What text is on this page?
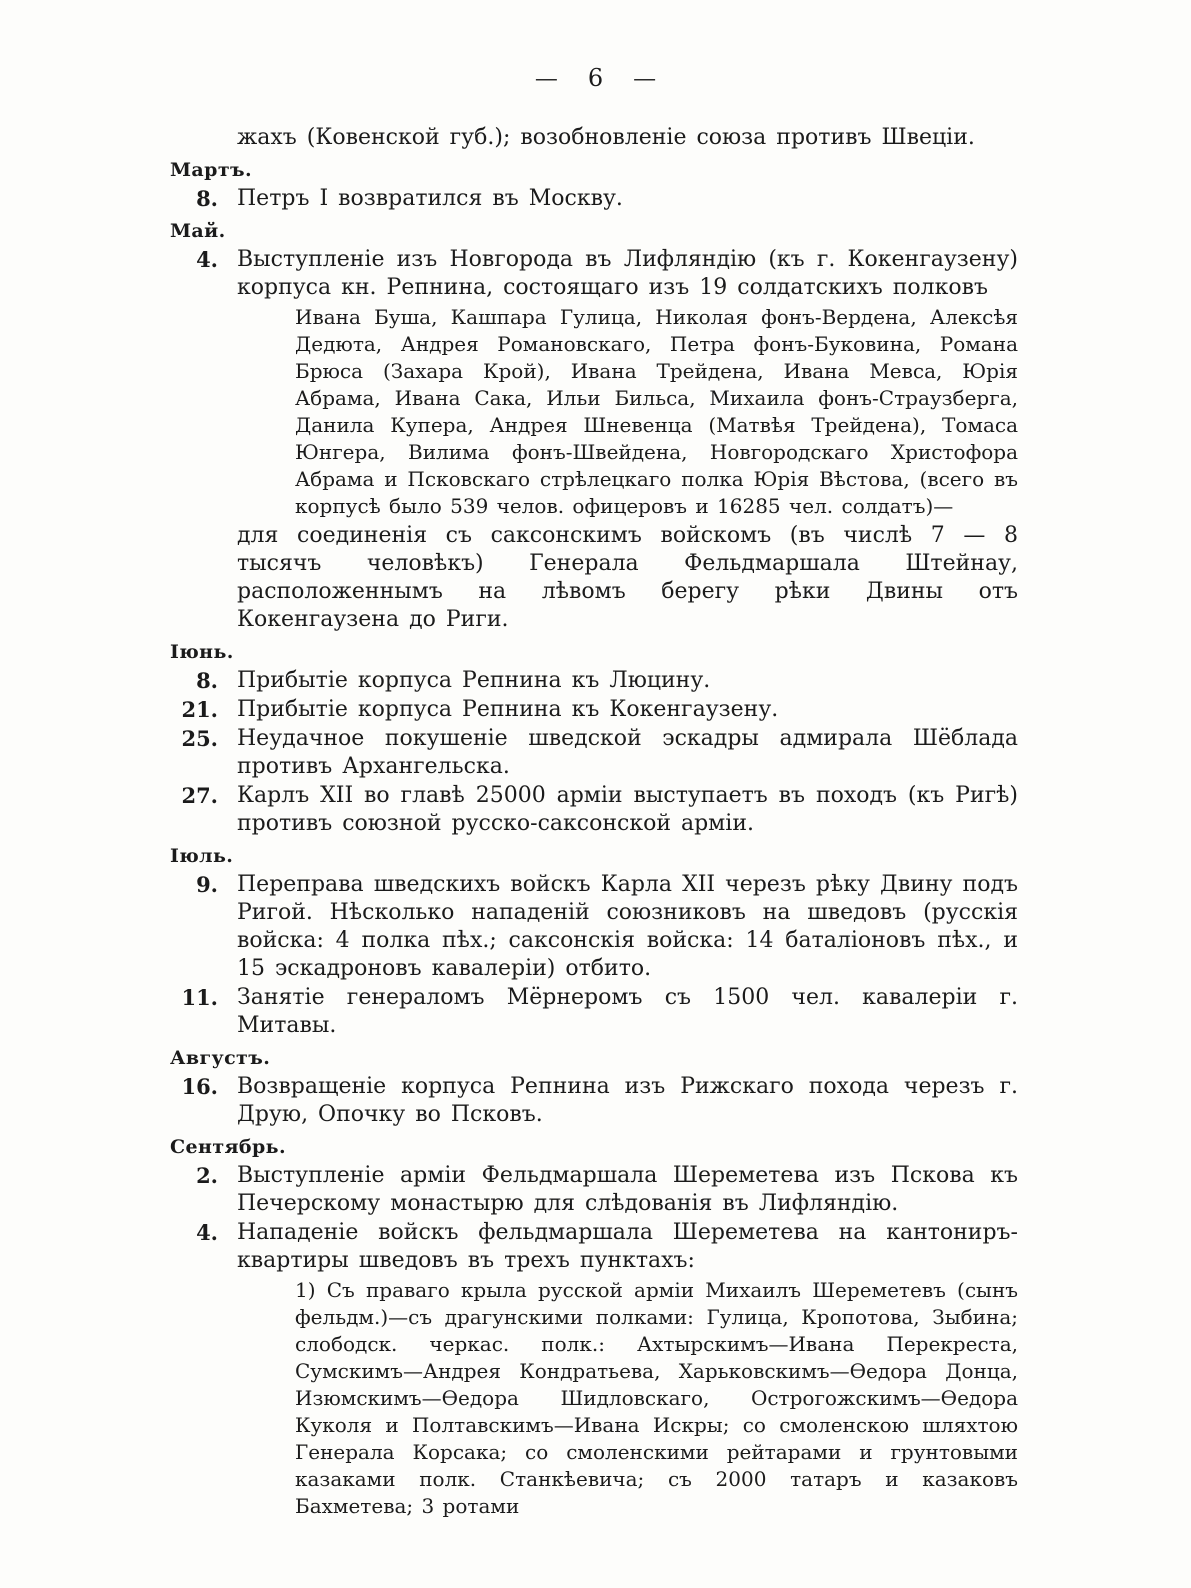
— 6 —

жахъ (Ковенской губ.); возобновленіе союза противъ Швеціи.

Мартъ.
8. Петръ I возвратился въ Москву.

Май.
4. Выступленіе изъ Новгорода въ Лифляндію (къ г. Кокенгаузену) корпуса кн. Репнина, состоящаго изъ 19 солдатскихъ полковъ

Ивана Буша, Кашпара Гулица, Николая фонъ-Вердена, Алексѣя Дедюта, Андрея Романовскаго, Петра фонъ-Буковина, Романа Брюса (Захара Крой), Ивана Трейдена, Ивана Мевса, Юрія Абрама, Ивана Сака, Ильи Бильса, Михаила фонъ-Страузберга, Данила Купера, Андрея Шневенца (Матвѣя Трейдена), Томаса Юнгера, Вилима фонъ-Швейдена, Новгородскаго Христофора Абрама и Псковскаго стрѣлецкаго полка Юрія Вѣстова, (всего въ корпусѣ было 539 челов. офицеровъ и 16285 чел. солдатъ)—

для соединенія съ саксонскимъ войскомъ (въ числѣ 7 — 8 тысячъ человѣкъ) Генерала Фельдмаршала Штейнау, расположеннымъ на лѣвомъ берегу рѣки Двины отъ Кокенгаузена до Риги.

Іюнь.
8. Прибытіе корпуса Репнина къ Люцину.

21. Прибытіе корпуса Репнина къ Кокенгаузену.

25. Неудачное покушеніе шведской эскадры адмирала Шёблада противъ Архангельска.

27. Карлъ XII во главѣ 25000 арміи выступаетъ въ походъ (къ Ригѣ) противъ союзной русско-саксонской арміи.

Іюль.
9. Переправа шведскихъ войскъ Карла XII черезъ рѣку Двину подъ Ригой. Нѣсколько нападеній союзниковъ на шведовъ (русскія войска: 4 полка пѣх.; саксонскія войска: 14 баталіоновъ пѣх., и 15 эскадроновъ кавалеріи) отбито.

11. Занятіе генераломъ Мёрнеромъ съ 1500 чел. кавалеріи г. Митавы.

Августъ.
16. Возвращеніе корпуса Репнина изъ Рижскаго похода черезъ г. Друю, Опочку во Псковъ.

Сентябрь.
2. Выступленіе арміи Фельдмаршала Шереметева изъ Пскова къ Печерскому монастырю для слѣдованія въ Лифляндію.

4. Нападеніе войскъ фельдмаршала Шереметева на кантониръ-квартиры шведовъ въ трехъ пунктахъ:

1) Съ праваго крыла русской арміи Михаилъ Шереметевъ (сынъ фельдм.)—съ драгунскими полками: Гулица, Кропотова, Зыбина; слободск. черкас. полк.: Ахтырскимъ—Ивана Перекреста, Сумскимъ—Андрея Кондратьева, Харьковскимъ—Ѳедора Донца, Изюмскимъ—Ѳедора Шидловскаго, Острогожскимъ—Ѳедора Куколя и Полтавскимъ—Ивана Искры; со смоленскою шляхтою Генерала Корсака; со смоленскими рейтарами и грунтовыми казаками полк. Станкѣевича; съ 2000 татаръ и казаковъ Бахметева; 3 ротами
